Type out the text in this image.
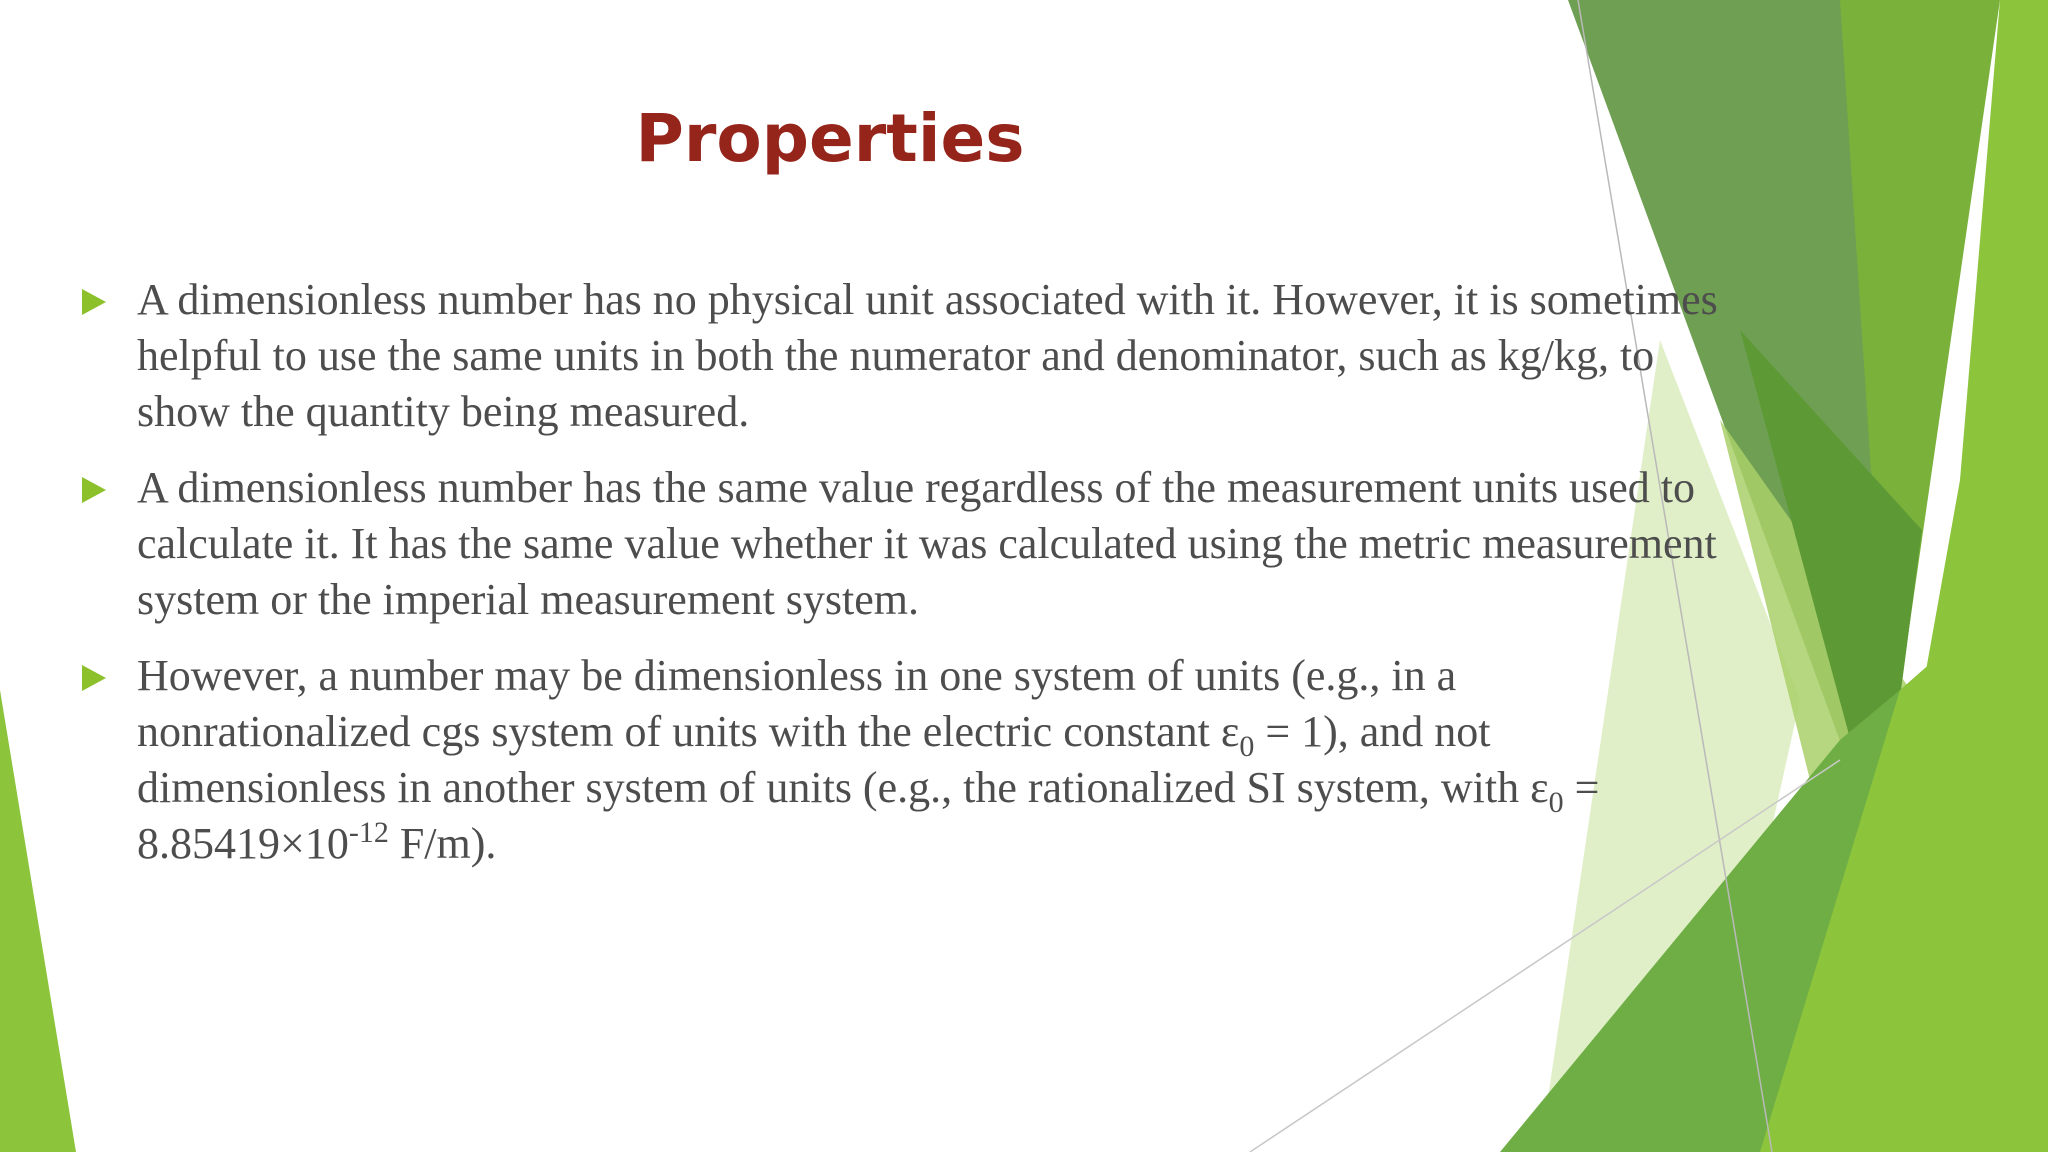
Properties
A dimensionless number has no physical unit associated with it. However, it is sometimes helpful to use the same units in both the numerator and denominator, such as kg/kg, to show the quantity being measured.
A dimensionless number has the same value regardless of the measurement units used to calculate it. It has the same value whether it was calculated using the metric measurement system or the imperial measurement system.
However, a number may be dimensionless in one system of units (e.g., in a nonrationalized cgs system of units with the electric constant $\varepsilon_0 = 1$), and not dimensionless in another system of units (e.g., the rationalized SI system, with $\varepsilon_0 = 8.85419\times 10^{-12}$ F/m).
